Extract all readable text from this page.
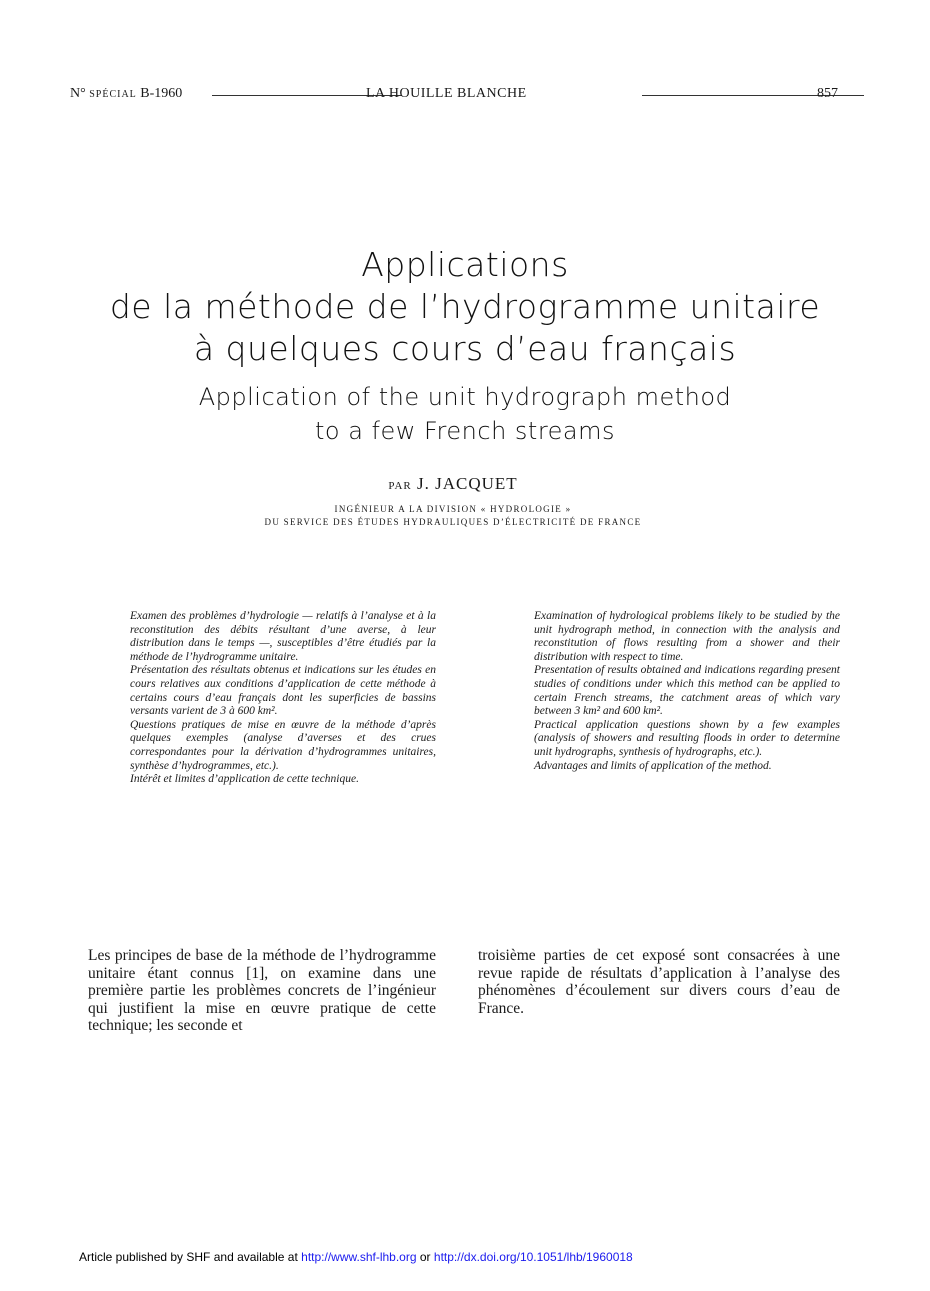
N° SPÉCIAL B-1960	LA HOUILLE BLANCHE	857
Applications
de la méthode de l’hydrogramme unitaire
à quelques cours d’eau français
Application of the unit hydrograph method
to a few French streams
PAR J. JACQUET
INGÉNIEUR A LA DIVISION « HYDROLOGIE »
DU SERVICE DES ÉTUDES HYDRAULIQUES D’ÉLECTRICITÉ DE FRANCE

Examen des problèmes d’hydrologie — relatifs à l’analyse et à la reconstitution des débits résultant d’une averse, à leur distribution dans le temps —, susceptibles d’être étudiés par la méthode de l’hydrogramme unitaire.

Présentation des résultats obtenus et indications sur les études en cours relatives aux conditions d’application de cette méthode à certains cours d’eau français dont les superficies de bassins versants varient de 3 à 600 km².

Questions pratiques de mise en œuvre de la méthode d’après quelques exemples (analyse d’averses et des crues correspondantes pour la dérivation d’hydrogrammes unitaires, synthèse d’hydrogrammes, etc.).

Intérêt et limites d’application de cette technique.

Examination of hydrological problems likely to be studied by the unit hydrograph method, in connection with the analysis and reconstitution of flows resulting from a shower and their distribution with respect to time.

Presentation of results obtained and indications regarding present studies of conditions under which this method can be applied to certain French streams, the catchment areas of which vary between 3 km² and 600 km².

Practical application questions shown by a few examples (analysis of showers and resulting floods in order to determine unit hydrographs, synthesis of hydrographs, etc.).

Advantages and limits of application of the method.

Les principes de base de la méthode de l’hydrogramme unitaire étant connus [1], on examine dans une première partie les problèmes concrets de l’ingénieur qui justifient la mise en œuvre pratique de cette technique; les seconde et

troisième parties de cet exposé sont consacrées à une revue rapide de résultats d’application à l’analyse des phénomènes d’écoulement sur divers cours d’eau de France.

Article published by SHF and available at http://www.shf-lhb.org or http://dx.doi.org/10.1051/lhb/1960018
